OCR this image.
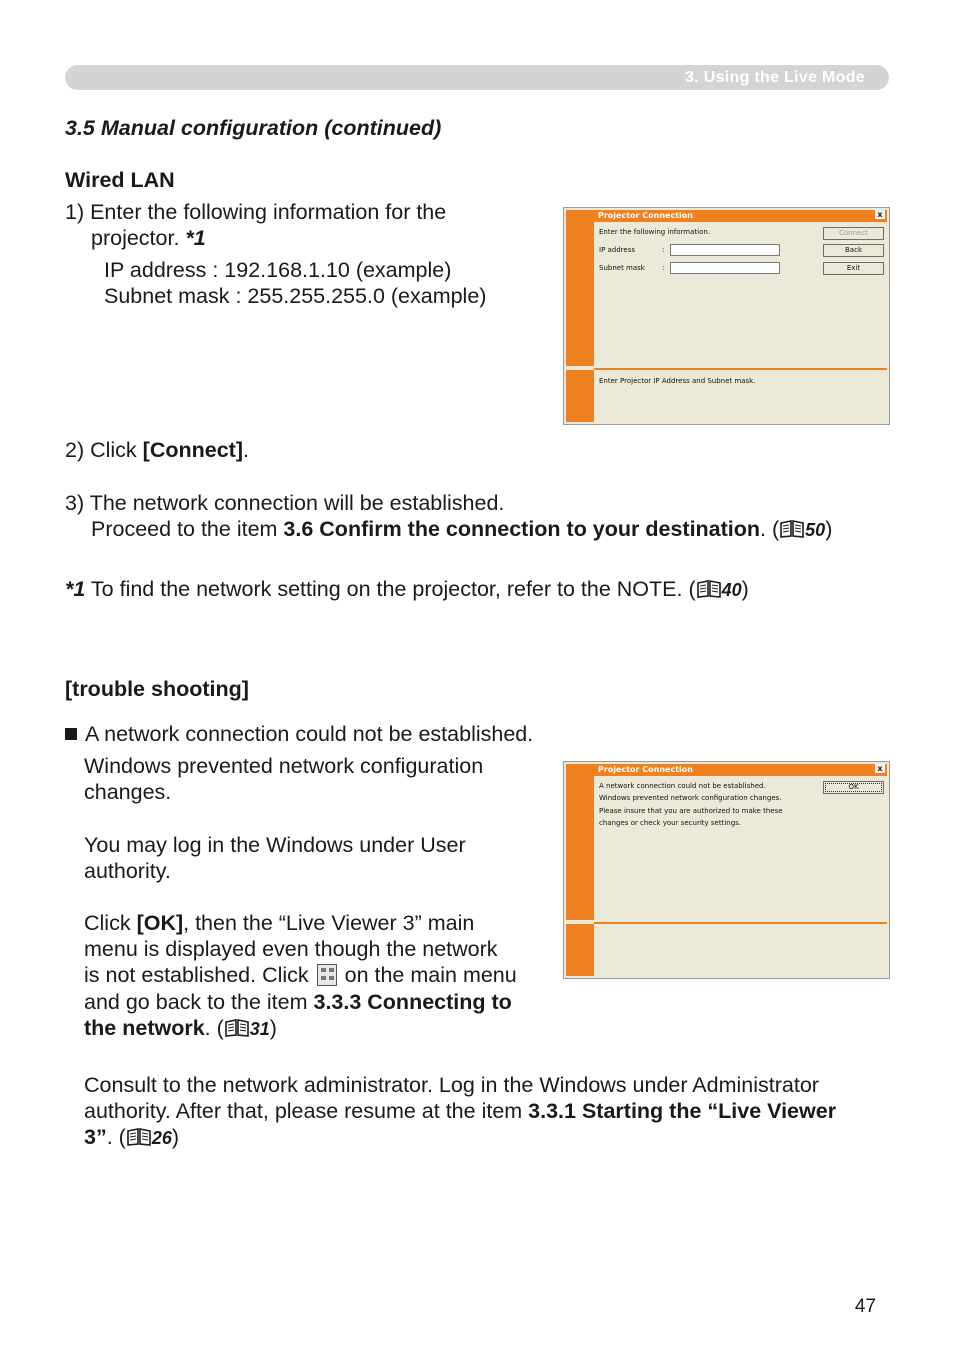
3. Using the Live Mode
3.5 Manual configuration (continued)
Wired LAN
1) Enter the following information for the
projector. *1
IP address : 192.168.1.10 (example)
Subnet mask : 255.255.255.0 (example)
Projector Connection	x
Enter the following information.
IP address	:
Subnet mask :
Connect
Back
Exit
Enter Projector IP Address and Subnet mask.
2) Click [Connect].
3) The network connection will be established.
Proceed to the item 3.6 Confirm the connection to your destination. ( 50)
*1 To find the network setting on the projector, refer to the NOTE. ( 40)
[trouble shooting]
A network connection could not be established.
Windows prevented network configuration
changes.
You may log in the Windows under User
authority.
Click [OK], then the “Live Viewer 3” main
menu is displayed even though the network
is not established. Click
on the main menu
and go back to the item 3.3.3 Connecting to
the network. ( 31)
Projector Connection	x
A network connection could not be established.
Windows prevented network configuration changes.
Please insure that you are authorized to make these
changes or check your security settings.
OK
Consult to the network administrator. Log in the Windows under Administrator
authority. After that, please resume at the item 3.3.1 Starting the “Live Viewer
3”. ( 26)
47
